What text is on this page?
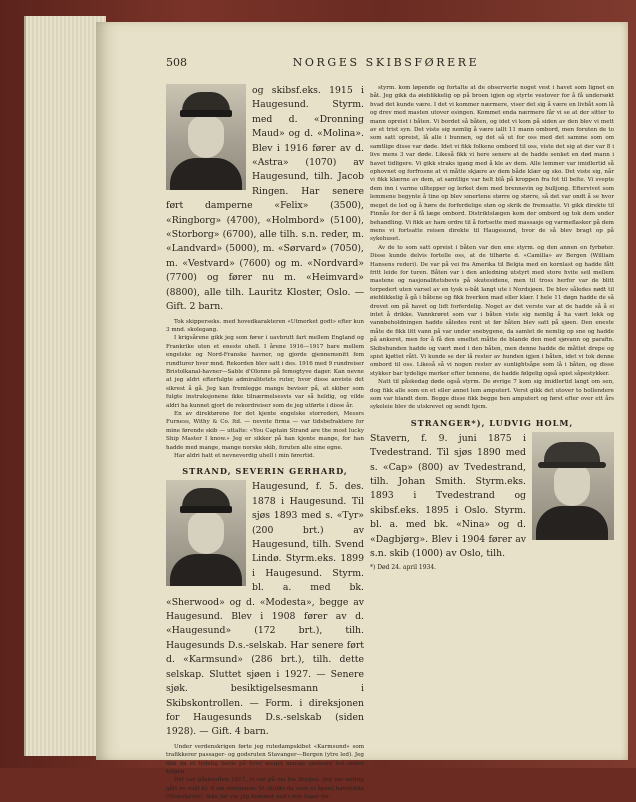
508	NORGES SKIBSFØRERE

og skibsf.eks. 1915 i Haugesund. Styrm. med d. «Dronning Maud» og d. «Molina». Blev i 1916 fører av d. «Astra» (1070) av Haugesund, tilh. Jacob Ringen. Har senere ført damperne «Felix» (3500), «Ringborg» (4700), «Holmbord» (5100), «Storborg» (6700), alle tilh. s.n. reder, m. «Landvard» (5000), m. «Sørvard» (7050), m. «Vestvard» (7600) og m. «Nordvard» (7700) og fører nu m. «Heimvard» (8800), alle tilh. Lauritz Kloster, Oslo. — Gift. 2 barn.

Tok skipperseks. med hovedkarakteren «Utmerket godt» efter kun 3 mnd. skolegang.

I krigsårene gikk jeg som fører i uavbrutt fart mellem England og Frankrike uten et eneste uhell. I årene 1916—1917 bare mellem engelske og Nord-Franske havner, og gjorde gjennemsnitt fem rundturer hver mnd. Rekorden blev satt i des. 1916 med 9 rundreiser Bristolkanal-havner—Sable d'Olonne på femogtyve dager. Kan nevne at jeg aldri efterfulgte admiralitetets ruter, hvor disse anviste det sikrest å gå. Jeg kan fremlegge mange beviser på, at skiber som fulgte instruksjonene ikke tilnærmelsesvis var så heldig, og vilde aldri ha kunnet gjort de rekordreiser som de jeg utførte i disse år.

En av direktørene for det kjente engelske storrederi, Messrs Furness, Withy & Co. ltd. — nevnte firma — var tidsbefraktere for mine førende skib — uttalte: «You Captain Strand are the most lucky Ship Master I know.» Jeg er sikker på han kjente mange, for han hadde med mange, mange norske skib, foruten alle sine egne.

Har aldri hatt et nevneverdig uhell i min førertid.

STRAND, SEVERIN GERHARD,

Haugesund, f. 5. des. 1878 i Haugesund. Til sjøs 1893 med s. «Tyr» (200 brt.) av Haugesund, tilh. Svend Lindø. Styrm.eks. 1899 i Haugesund. Styrm. bl. a. med bk. «Sherwood» og d. «Modesta», begge av Haugesund. Blev i 1908 fører av d. «Haugesund» (172 brt.), tilh. Haugesunds D.s.-selskab. Har senere ført d. «Karmsund» (286 brt.), tilh. dette selskap. Sluttet sjøen i 1927. — Senere sjøk. besiktigelsesmann i Skibskontrollen. — Form. i direksjonen for Haugesunds D.s.-selskab (siden 1928). — Gift. 4 barn.

Under verdenskrigen førte jeg rutedampskibet «Karmsund» som trafikkerer passager- og godsruten Stavanger—Bergen (ytre led). Jeg fikk da et tydelig bevis på hvor meget mange sjømenn led under krigen.

Det var påskeaften 1917, vi var på vei fra Bergen. Jeg var nettop gått av vakt kl. 8 om morgenen. Vi skulde da over et åpent havstykke (Hiskehavet). Ikke før var jeg kommet ned i min lugar før

styrm. kom løpende og fortalte at de observerte noget vest i havet som lignet en båt. Jeg gikk da øieblikkelig op på broen igjen og styrte vestover for å få undersøkt hvad det kunde være. I det vi kommer nærmere, viser det sig å være en livbåt som lå og drev med masten utover esingen. Kommet enda nærmere får vi se at der sitter to mann opreist i båten. Vi bordet så båten, og idet vi kom på siden av den blev vi mett av et trist syn. Det viste sig nemlig å være iallt 11 mann ombord, men foruten de to som satt opreist, lå alle i bunnen, og det så ut for oss med det samme som om samtlige disse var døde. Idet vi fikk folkene ombord til oss, viste det sig at der var 8 i live mens 3 var døde. Likeså fikk vi here senere at de hadde senket en død mann i havet tidligere. Vi gikk straks igang med å kle av dem. Alle lemmer var imidlertid så ophovnet og forfrosne at vi måtte skjære av dem både klær og sko. Det viste sig, når vi fikk klærne av dem, at samtlige var helt blå på kroppen fra fot til belte. Vi svepte dem inn i varme ulltepper og lerket dem med brennevin og bulljong. Eftervivet som lemmene begynte å tine op blev smertene større og større, så det var ondt å se hvor meget de led og å høre de forferdelige støn og skrik de fremsatte. Vi gikk direkte til Finnås for der å få læge ombord. Distriktslægen kom der ombord og tok dem under behandling. Vi fikk av ham ordre til å fortsette med massasje og varmeflasker på dem mens vi fortsatte reisen direkte til Haugesund, hvor de så blev bragt op på sykehuset.

Av de to som satt opreist i båten var den ene styrm. og den annen en fyrbøter. Disse kunde delvis fortelle oss, at de tilhørte d. «Camilla» av Bergen (William Hansens rederi). De var på vei fra Amerika til Belgia med en kornlast og hadde fått fritt leide for turen. Båten var i den anledning utstyrt med store hvite seil mellem mastene og nasjonalitetsbevis på skutesidene, men til tross herfor var de blitt torpedert uten varsel av en tysk u-båt langt ute i Nordsjøen. De blev således nødt til øieblikkelig å gå i båtene og fikk hverken mad eller klær. I hele 11 døgn hadde de så drevet om på havet og lidt forferdelig. Noget av det verste var at de hadde så å si intet å drikke. Vannkrøret som var i båten viste sig nemlig å ha vært lekk og vannbeholdningen hadde således rent ut før båten blev satt på sjøen. Den eneste måte de fikk litt vann på var under snebygene, da samlet de nemlig op sne og hadde på ankeret, men for å få den smeltet måtte de blande den med sjøvann og parafin. Skibshunden hadde og vært med i den båten, men denne hadde de måttet drepe og spist kjøttet rått. Vi kunde se der lå rester av hunden igjen i båten, idet vi tok denne ombord til oss. Likeså så vi nogen rester av sunlightsåpe som lå i båten, og disse stykker bar tydelige merker efter tennene, de hadde følgelig også spist såpestykker.

Natt til påskedag døde også styrm. De øvrige 7 kom sig imidlertid langt om sen, dog fikk alle som en et eller annet lem amputert. Verst gikk det utover to hollendere som var blandt dem. Begge disse fikk begge ben amputert og først efter over ett års sykeleie blev de utskrevet og sendt hjem.

STRANGER*), LUDVIG HOLM,

Stavern, f. 9. juni 1875 i Tvedestrand. Til sjøs 1890 med s. «Cap» (800) av Tvedestrand, tilh. Johan Smith. Styrm.eks. 1893 i Tvedestrand og skibsf.eks. 1895 i Oslo. Styrm. bl. a. med bk. «Nina» og d. «Dagbjørg». Blev i 1904 fører av s.n. skib (1000) av Oslo, tilh.

*) Død 24. april 1934.
